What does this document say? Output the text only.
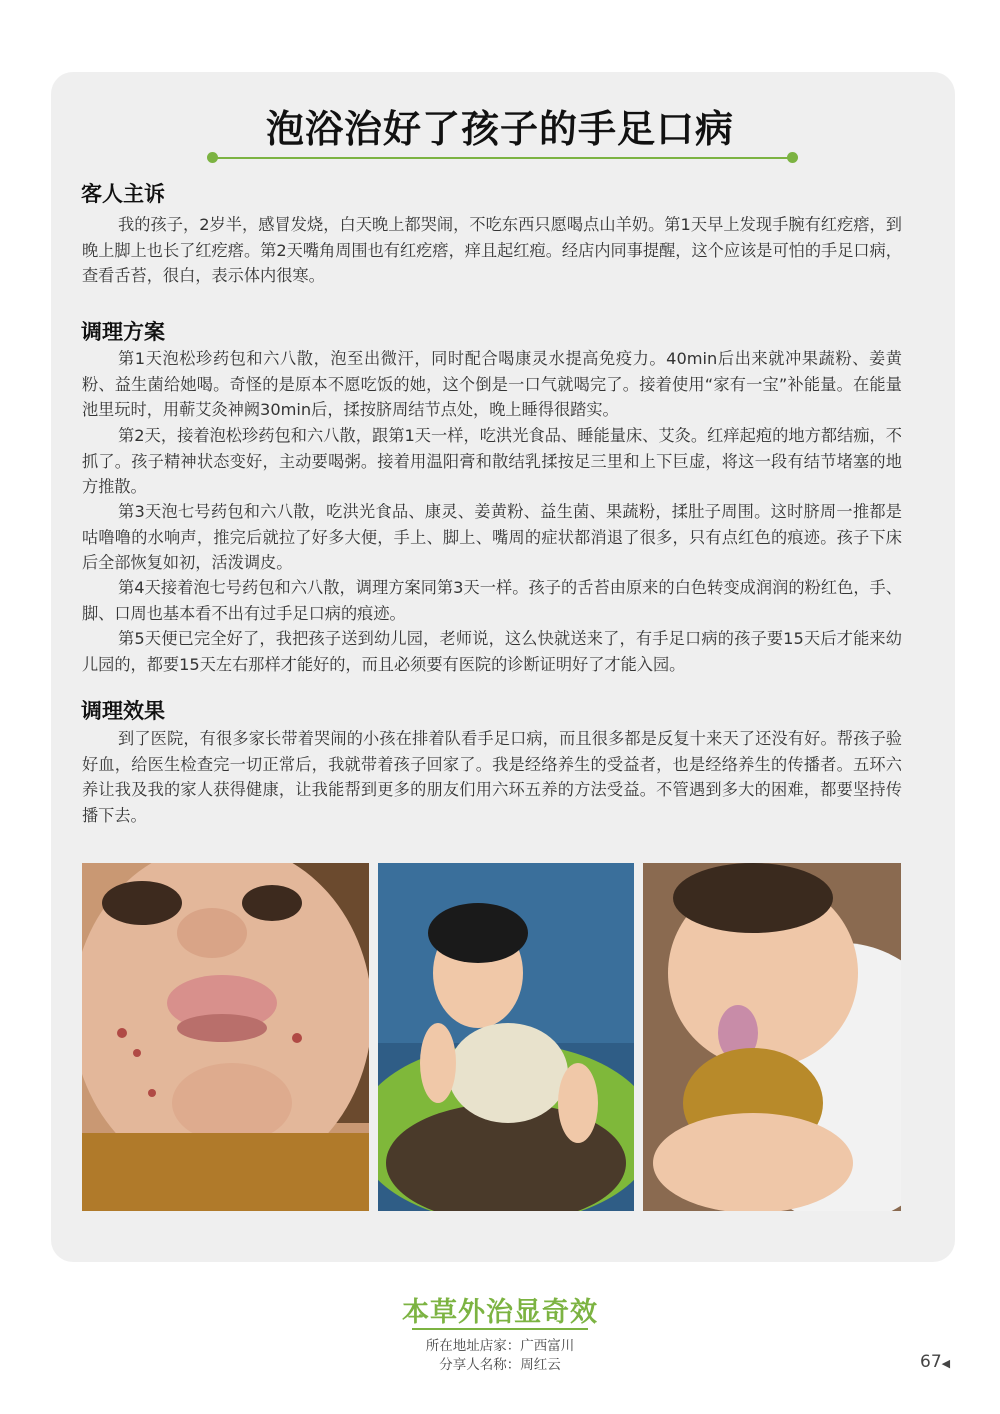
泡浴治好了孩子的手足口病
客人主诉

我的孩子，2岁半，感冒发烧，白天晚上都哭闹，不吃东西只愿喝点山羊奶。第1天早上发现手腕有红疙瘩，到晚上脚上也长了红疙瘩。第2天嘴角周围也有红疙瘩，痒且起红疱。经店内同事提醒，这个应该是可怕的手足口病，查看舌苔，很白，表示体内很寒。

调理方案

第1天泡松珍药包和六八散，泡至出微汗，同时配合喝康灵水提高免疫力。40min后出来就冲果蔬粉、姜黄粉、益生菌给她喝。奇怪的是原本不愿吃饭的她，这个倒是一口气就喝完了。接着使用“家有一宝”补能量。在能量池里玩时，用蕲艾灸神阙30min后，揉按脐周结节点处，晚上睡得很踏实。

第2天，接着泡松珍药包和六八散，跟第1天一样，吃洪光食品、睡能量床、艾灸。红痒起疱的地方都结痂，不抓了。孩子精神状态变好，主动要喝粥。接着用温阳膏和散结乳揉按足三里和上下巨虚，将这一段有结节堵塞的地方推散。

第3天泡七号药包和六八散，吃洪光食品、康灵、姜黄粉、益生菌、果蔬粉，揉肚子周围。这时脐周一推都是咕噜噜的水响声，推完后就拉了好多大便，手上、脚上、嘴周的症状都消退了很多，只有点红色的痕迹。孩子下床后全部恢复如初，活泼调皮。

第4天接着泡七号药包和六八散，调理方案同第3天一样。孩子的舌苔由原来的白色转变成润润的粉红色，手、脚、口周也基本看不出有过手足口病的痕迹。

第5天便已完全好了，我把孩子送到幼儿园，老师说，这么快就送来了，有手足口病的孩子要15天后才能来幼儿园的，都要15天左右那样才能好的，而且必须要有医院的诊断证明好了才能入园。

调理效果

到了医院，有很多家长带着哭闹的小孩在排着队看手足口病，而且很多都是反复十来天了还没有好。帮孩子验好血，给医生检查完一切正常后，我就带着孩子回家了。我是经络养生的受益者，也是经络养生的传播者。五环六养让我及我的家人获得健康，让我能帮到更多的朋友们用六环五养的方法受益。不管遇到多大的困难，都要坚持传播下去。

本草外治显奇效
所在地址店家：广西富川
分享人名称：周红云	67◀
